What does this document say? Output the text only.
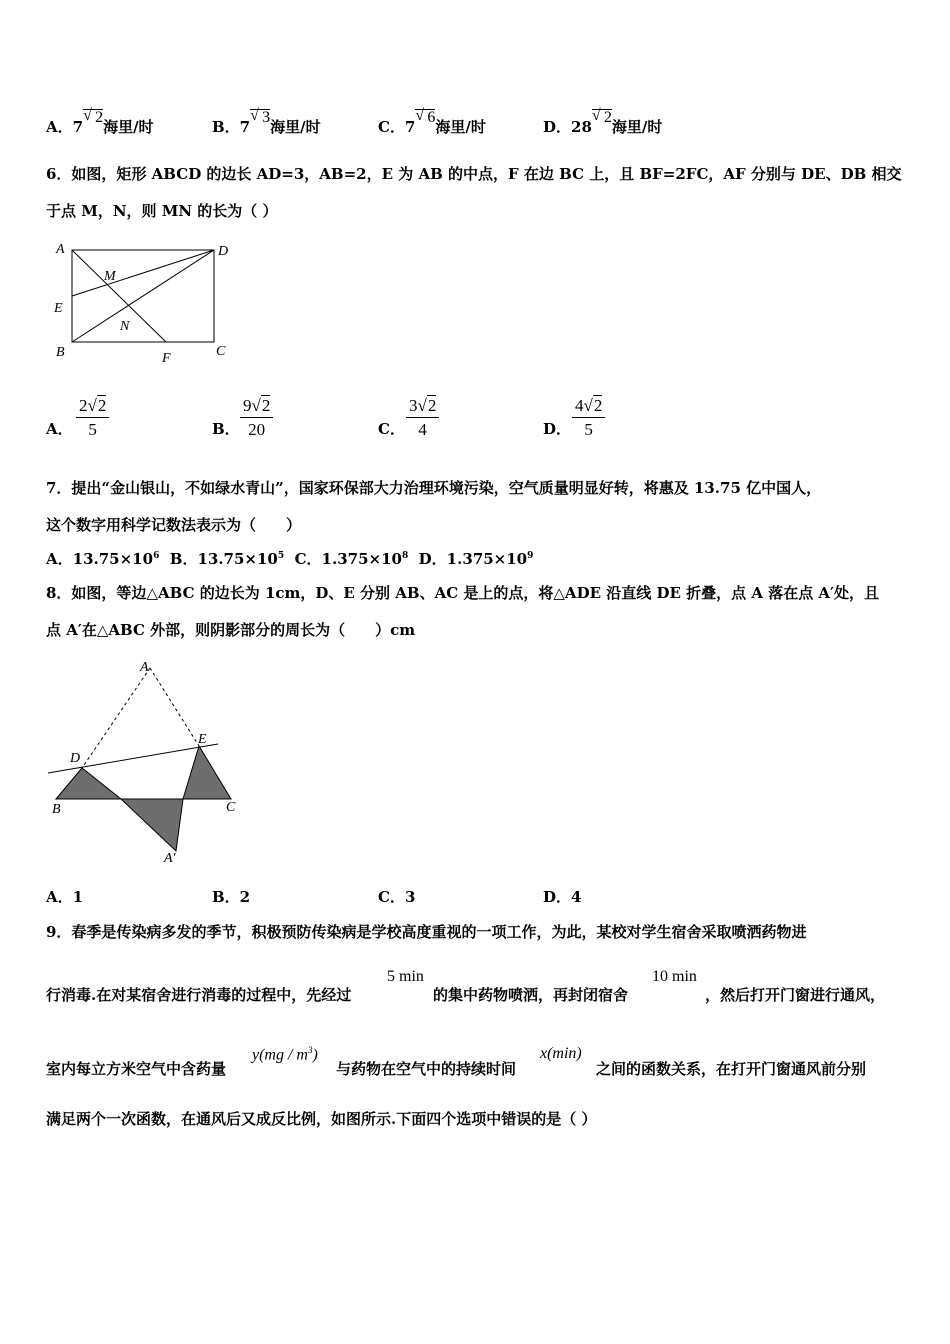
A．7√ 2海里/时	B．7√ 3海里/时	C．7√ 6海里/时	D．28√ 2海里/时
6．如图，矩形 ABCD 的边长 AD=3，AB=2，E 为 AB 的中点，F 在边 BC 上，且 BF=2FC，AF 分别与 DE、DB 相交
于点 M，N，则 MN 的长为（ ）
A	D
E
M
N
B	F	C
A． $\frac{2√2}{5}$	B． $\frac{9√2}{20}$	C． $\frac{3√2}{4}$	D． $\frac{4√2}{5}$
7．提出“金山银山，不如绿水青山”，国家环保部大力治理环境污染，空气质量明显好转，将惠及 13.75 亿中国人，
这个数字用科学记数法表示为（　　）
A．$13.75\times 10^6$ B．$13.75\times 10^5$ C．$1.375\times 10^8$ D．$1.375\times 10^9$
8．如图，等边△ABC 的边长为 1cm，D、E 分别 AB、AC 是上的点，将△ADE 沿直线 DE 折叠，点 A 落在点 A′处，且
点 A′在△ABC 外部，则阴影部分的周长为（　　）cm
A
D
E
B	C
A′
A．1	B．2	C．3	D．4
9．春季是传染病多发的季节，积极预防传染病是学校高度重视的一项工作，为此，某校对学生宿舍采取喷洒药物进
行消毒.在对某宿舍进行消毒的过程中，先经过
5 min
的集中药物喷洒，再封闭宿舍
10 min
，然后打开门窗进行通风，
室内每立方米空气中含药量
$y(mg / m^3)$
与药物在空气中的持续时间
x(min)
之间的函数关系，在打开门窗通风前分别
满足两个一次函数，在通风后又成反比例，如图所示.下面四个选项中错误的是（ ）
